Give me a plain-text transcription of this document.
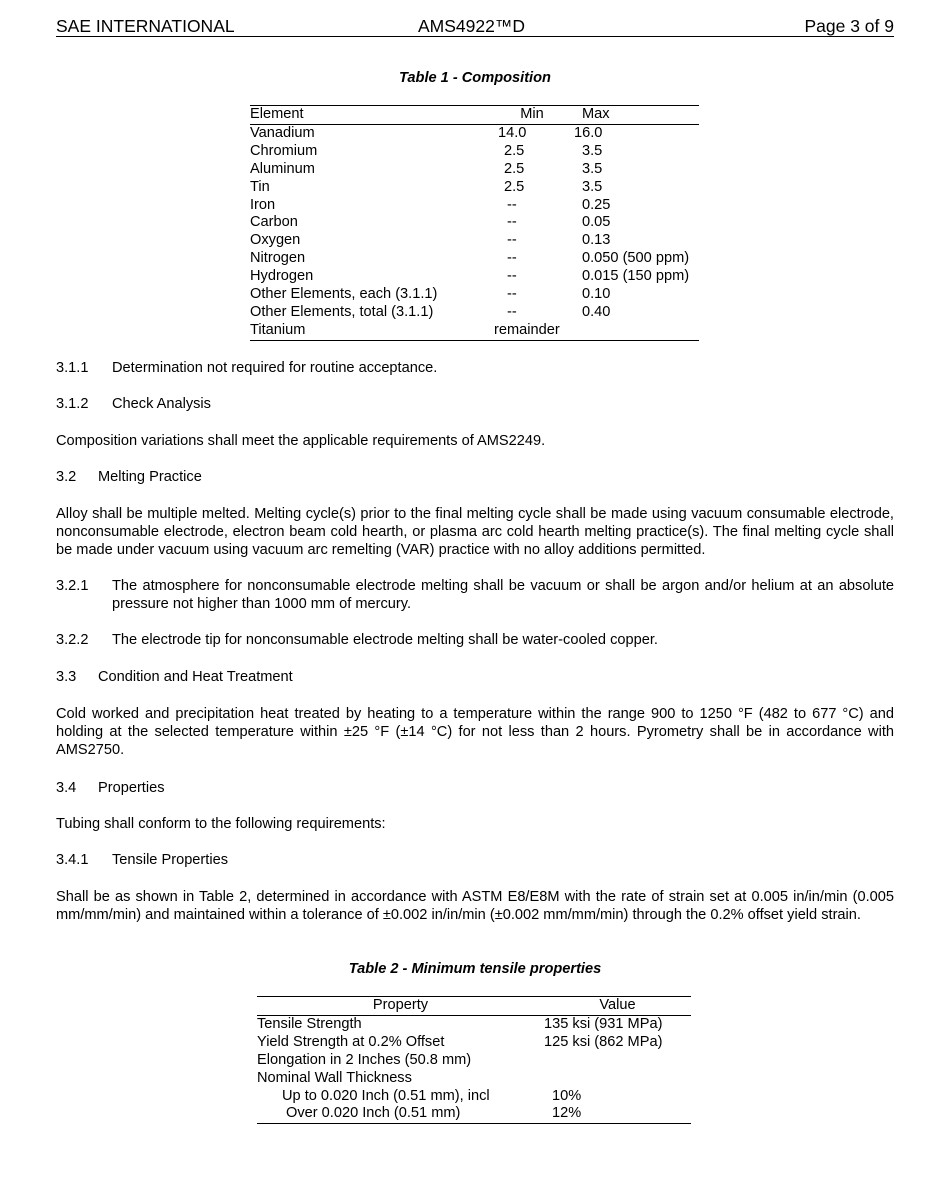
SAE INTERNATIONAL	AMS4922™D	Page 3 of 9
Table 1 - Composition
Element	Min	Max
Vanadium	14.0	16.0
Chromium	2.5	3.5
Aluminum	2.5	3.5
Tin	2.5	3.5
Iron	--	0.25
Carbon	--	0.05
Oxygen	--	0.13
Nitrogen	--	0.050 (500 ppm)
Hydrogen	--	0.015 (150 ppm)
Other Elements, each (3.1.1)	--	0.10
Other Elements, total (3.1.1)	--	0.40
Titanium	remainder	
3.1.1 Determination not required for routine acceptance.
3.1.2 Check Analysis
Composition variations shall meet the applicable requirements of AMS2249.
3.2 Melting Practice
Alloy shall be multiple melted. Melting cycle(s) prior to the final melting cycle shall be made using vacuum consumable electrode, nonconsumable electrode, electron beam cold hearth, or plasma arc cold hearth melting practice(s). The final melting cycle shall be made under vacuum using vacuum arc remelting (VAR) practice with no alloy additions permitted.
3.2.1 The atmosphere for nonconsumable electrode melting shall be vacuum or shall be argon and/or helium at an absolute pressure not higher than 1000 mm of mercury.
3.2.2 The electrode tip for nonconsumable electrode melting shall be water-cooled copper.
3.3 Condition and Heat Treatment
Cold worked and precipitation heat treated by heating to a temperature within the range 900 to 1250 °F (482 to 677 °C) and holding at the selected temperature within ±25 °F (±14 °C) for not less than 2 hours. Pyrometry shall be in accordance with AMS2750.
3.4 Properties
Tubing shall conform to the following requirements:
3.4.1 Tensile Properties
Shall be as shown in Table 2, determined in accordance with ASTM E8/E8M with the rate of strain set at 0.005 in/in/min (0.005 mm/mm/min) and maintained within a tolerance of ±0.002 in/in/min (±0.002 mm/mm/min) through the 0.2% offset yield strain.
Table 2 - Minimum tensile properties
Property	Value
Tensile Strength	135 ksi (931 MPa)
Yield Strength at 0.2% Offset	125 ksi (862 MPa)
Elongation in 2 Inches (50.8 mm)	
Nominal Wall Thickness	
Up to 0.020 Inch (0.51 mm), incl	10%
Over 0.020 Inch (0.51 mm)	12%
